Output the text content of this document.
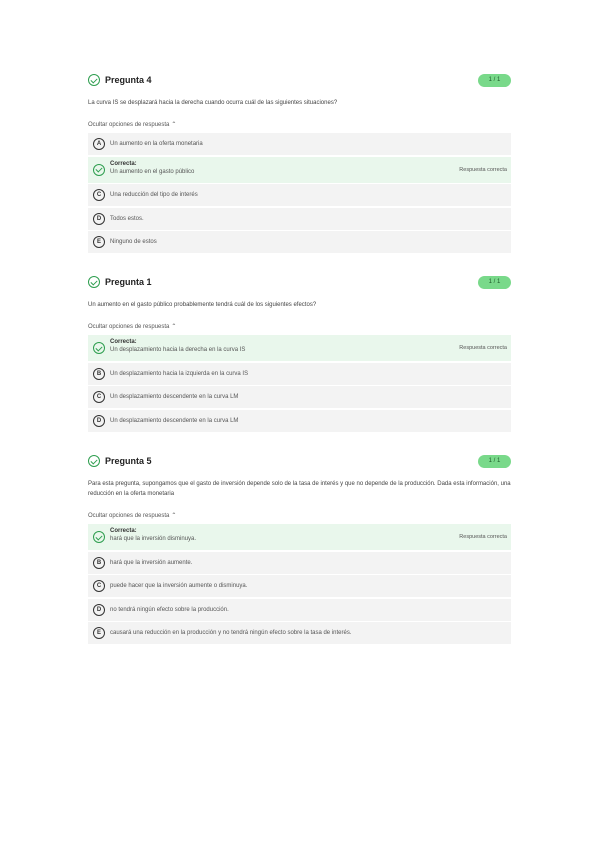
Pregunta 4	1 / 1
La curva IS se desplazará hacia la derecha cuando ocurra cuál de las siguientes situaciones?
Ocultar opciones de respuesta ⌃
A	Un aumento en la oferta monetaria
Correcta:
Un aumento en el gasto público	Respuesta correcta
C	Una reducción del tipo de interés
D	Todos estos.
E	Ninguno de estos
Pregunta 1	1 / 1
Un aumento en el gasto público probablemente tendrá cuál de los siguientes efectos?
Ocultar opciones de respuesta ⌃
Correcta:
Un desplazamiento hacia la derecha en la curva IS	Respuesta correcta
B	Un desplazamiento hacia la izquierda en la curva IS
C	Un desplazamiento descendente en la curva LM
D	Un desplazamiento descendente en la curva LM
Pregunta 5	1 / 1
Para esta pregunta, supongamos que el gasto de inversión depende solo de la tasa de interés y que no depende de la producción. Dada esta información, una reducción en la oferta monetaria
Ocultar opciones de respuesta ⌃
Correcta:
hará que la inversión disminuya.	Respuesta correcta
B	hará que la inversión aumente.
C	puede hacer que la inversión aumente o disminuya.
D	no tendrá ningún efecto sobre la producción.
E	causará una reducción en la producción y no tendrá ningún efecto sobre la tasa de interés.
